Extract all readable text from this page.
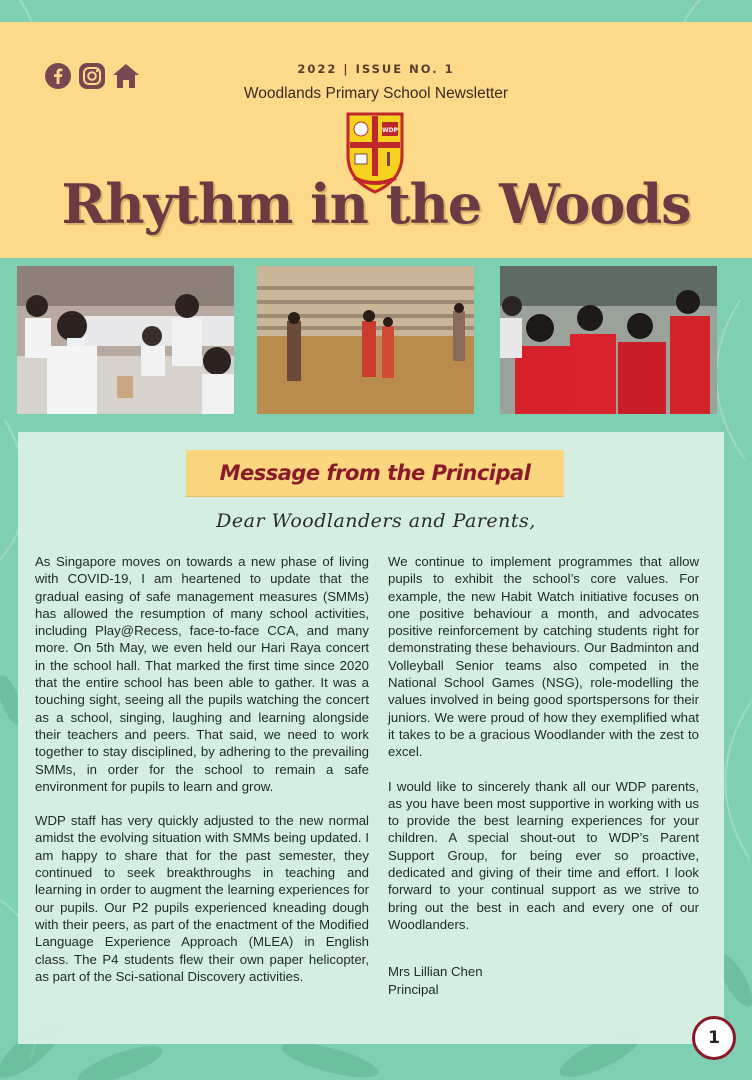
2022 | ISSUE NO. 1
Woodlands Primary School Newsletter
WDP
Rhythm in the Woods
Message from the Principal
Dear Woodlanders and Parents,

As Singapore moves on towards a new phase of living with COVID-19, I am heartened to update that the gradual easing of safe management measures (SMMs) has allowed the resumption of many school activities, including Play@Recess, face-to-face CCA, and many more. On 5th May, we even held our Hari Raya concert in the school hall. That marked the first time since 2020 that the entire school has been able to gather. It was a touching sight, seeing all the pupils watching the concert as a school, singing, laughing and learning alongside their teachers and peers. That said, we need to work together to stay disciplined, by adhering to the prevailing SMMs, in order for the school to remain a safe environment for pupils to learn and grow.

WDP staff has very quickly adjusted to the new normal amidst the evolving situation with SMMs being updated. I am happy to share that for the past semester, they continued to seek breakthroughs in teaching and learning in order to augment the learning experiences for our pupils. Our P2 pupils experienced kneading dough with their peers, as part of the enactment of the Modified Language Experience Approach (MLEA) in English class. The P4 students flew their own paper helicopter, as part of the Sci-sational Discovery activities.

We continue to implement programmes that allow pupils to exhibit the school’s core values. For example, the new Habit Watch initiative focuses on one positive behaviour a month, and advocates positive reinforcement by catching students right for demonstrating these behaviours. Our Badminton and Volleyball Senior teams also competed in the National School Games (NSG), role-modelling the values involved in being good sportspersons for their juniors. We were proud of how they exemplified what it takes to be a gracious Woodlander with the zest to excel.

I would like to sincerely thank all our WDP parents, as you have been most supportive in working with us to provide the best learning experiences for your children. A special shout-out to WDP’s Parent Support Group, for being ever so proactive, dedicated and giving of their time and effort. I look forward to your continual support as we strive to bring out the best in each and every one of our Woodlanders.

Mrs Lillian Chen
Principal
1
